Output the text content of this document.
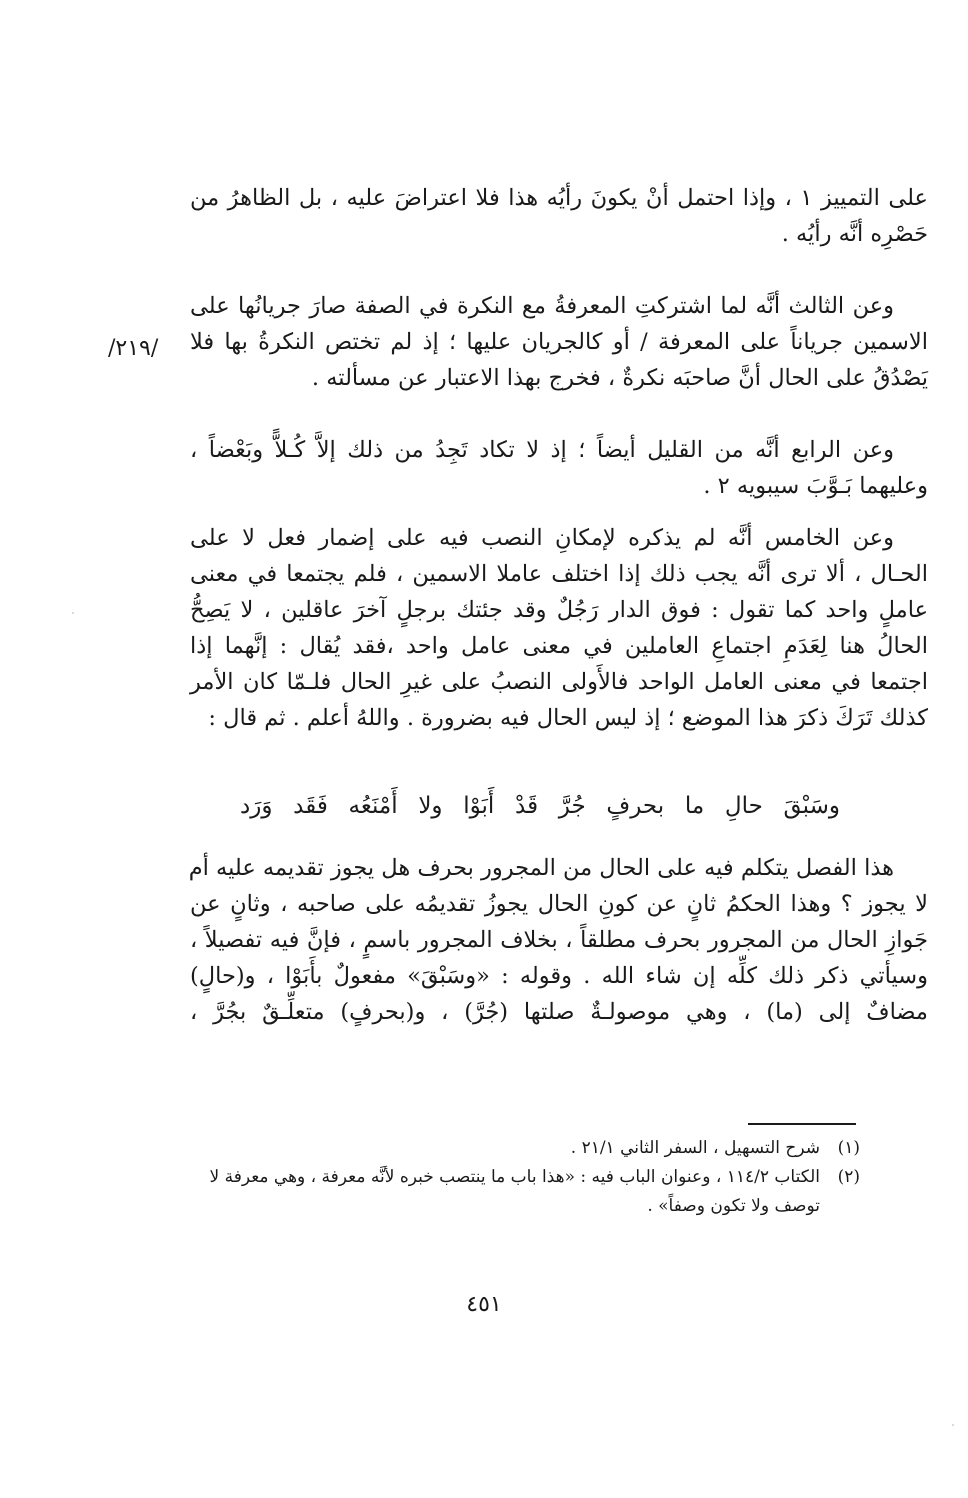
على التمييز ١ ، وإذا احتمل أنْ يكونَ رأيُه هذا فلا اعتراضَ عليه ، بل الظاهرُ من
حَصْرِه أنَّه رأيُه .
وعن الثالث أنَّه لما اشتركتِ المعرفةُ مع النكرة في الصفة صارَ جريانُها على
الاسمين جرياناً على المعرفة / أو كالجريان عليها ؛ إذ لم تختص النكرةُ بها فلا
يَصْدُقُ على الحال أنَّ صاحبَه نكرةٌ ، فخرج بهذا الاعتبار عن مسألته .
/٢١٩/
وعن الرابع أنَّه من القليل أيضاً ؛ إذ لا تكاد تَجِدُ من ذلك إلاَّ كُـلاًّ وبَعْضاً ،
وعليهما بَـوَّبَ سيبويه ٢ .
وعن الخامس أنَّه لم يذكره لإمكانِ النصب فيه على إضمار فعل لا على
الحـال ، ألا ترى أنَّه يجب ذلك إذا اختلف عاملا الاسمين ، فلم يجتمعا في معنى
عاملٍ واحد كما تقول : فوق الدار رَجُلٌ وقد جئتك برجلٍ آخرَ عاقلين ، لا يَصِحُّ
الحالُ هنا لِعَدَمِ اجتماعِ العاملين في معنى عامل واحد ،فقد يُقال : إنَّهما إذا
اجتمعا في معنى العامل الواحد فالأَولى النصبُ على غيرِ الحال فلـمّا كان الأمر
كذلك تَرَكَ ذكرَ هذا الموضع ؛ إذ ليس الحال فيه بضرورة . واللهُ أعلم . ثم قال :
وسَبْقَ
حالِ
ما
بحرفٍ
جُرَّ
قَدْ
أَبَوْا
ولا
أَمْنَعُه
فَقَد
وَرَد
هذا الفصل يتكلم فيه على الحال من المجرور بحرف هل يجوز تقديمه عليه أم
لا يجوز ؟ وهذا الحكمُ ثانٍ عن كونِ الحال يجوزُ تقديمُه على صاحبه ، وثانٍ عن
جَوازِ الحال من المجرور بحرف مطلقاً ، بخلاف المجرور باسمٍ ، فإنَّ فيه تفصيلاً ،
وسيأتي ذكر ذلك كلِّه إن شاء الله . وقوله : «وسَبْقَ» مفعولٌ بأَبَوْا ، و(حالٍ)
مضافٌ إلى (ما) ، وهي موصولـةٌ صلتها (جُرَّ) ، و(بحرفٍ) متعلِّـقٌ بجُرَّ ،
(١)
شرح التسهيل ، السفر الثاني ٢١/١ .
(٢)
الكتاب ١١٤/٢ ، وعنوان الباب فيه : «هذا باب ما ينتصب خبره لأنَّه معرفة ، وهي معرفة لا
توصف ولا تكون وصفاً» .
٤٥١
